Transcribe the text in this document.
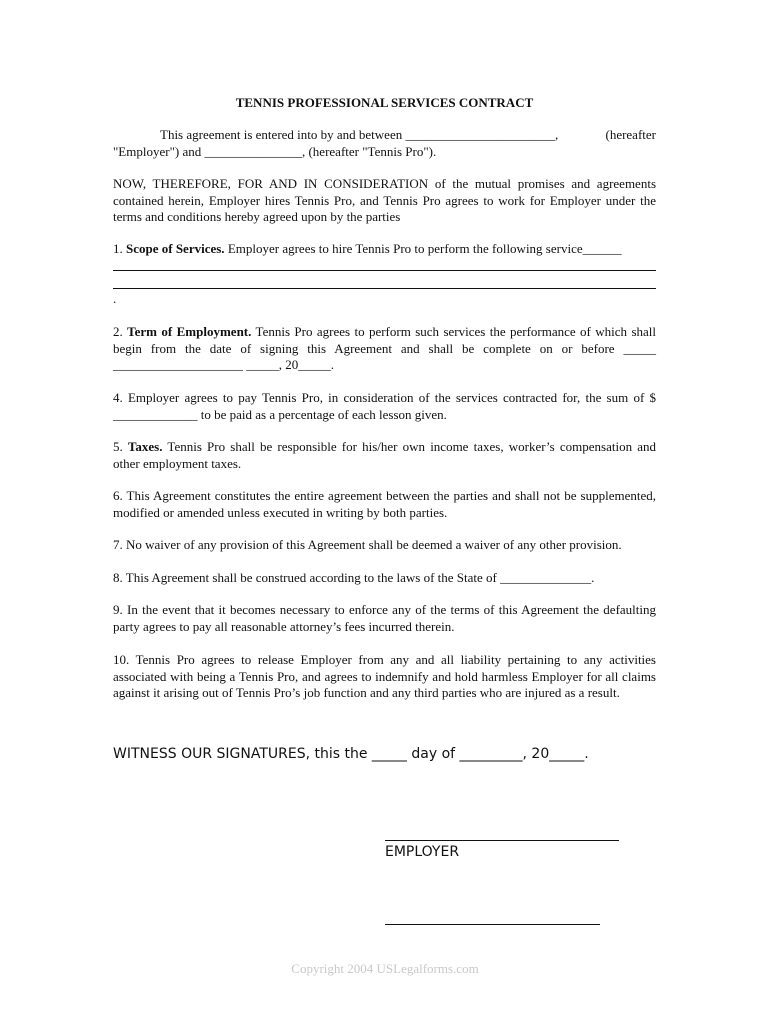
TENNIS PROFESSIONAL SERVICES CONTRACT
This agreement is entered into by and between _______________________,	(hereafter
"Employer") and _______________, (hereafter "Tennis Pro").
NOW, THEREFORE, FOR AND IN CONSIDERATION of the mutual promises and agreements contained herein, Employer hires Tennis Pro, and Tennis Pro agrees to work for Employer under the terms and conditions hereby agreed upon by the parties
1. Scope of Services. Employer agrees to hire Tennis Pro to perform the following service______
.
2. Term of Employment. Tennis Pro agrees to perform such services the performance of which shall begin from the date of signing this Agreement and shall be complete on or before _____ ____________________ _____, 20_____.
4. Employer agrees to pay Tennis Pro, in consideration of the services contracted for, the sum of $ _____________ to be paid as a percentage of each lesson given.
5. Taxes. Tennis Pro shall be responsible for his/her own income taxes, worker’s compensation and other employment taxes.
6. This Agreement constitutes the entire agreement between the parties and shall not be supplemented, modified or amended unless executed in writing by both parties.
7. No waiver of any provision of this Agreement shall be deemed a waiver of any other provision.
8. This Agreement shall be construed according to the laws of the State of ______________.
9. In the event that it becomes necessary to enforce any of the terms of this Agreement the defaulting party agrees to pay all reasonable attorney’s fees incurred therein.
10. Tennis Pro agrees to release Employer from any and all liability pertaining to any activities associated with being a Tennis Pro, and agrees to indemnify and hold harmless Employer for all claims against it arising out of Tennis Pro’s job function and any third parties who are injured as a result.
WITNESS OUR SIGNATURES, this the _____ day of _________, 20_____.
EMPLOYER
Copyright 2004 USLegalforms.com
